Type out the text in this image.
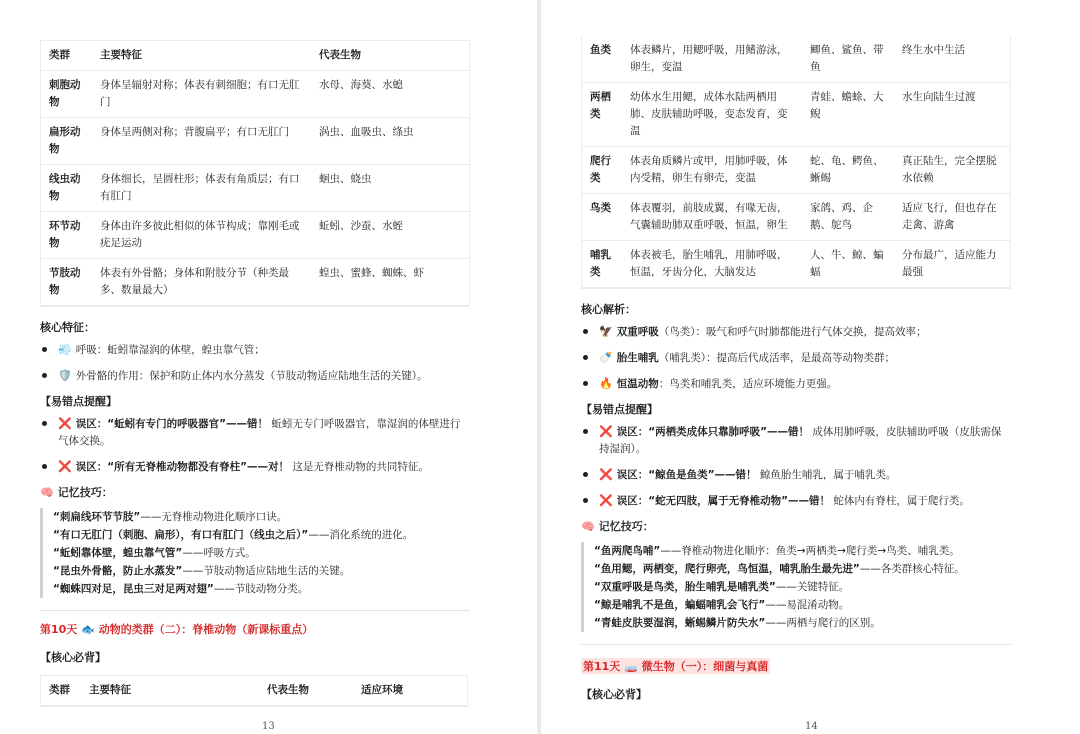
类群	主要特征	代表生物
刺胞动物	身体呈辐射对称；体表有刺细胞；有口无肛门	水母、海葵、水螅
扁形动物	身体呈两侧对称；背腹扁平；有口无肛门	涡虫、血吸虫、绦虫
线虫动物	身体细长，呈圆柱形；体表有角质层；有口有肛门	蛔虫、蛲虫
环节动物	身体由许多彼此相似的体节构成；靠刚毛或疣足运动	蚯蚓、沙蚕、水蛭
节肢动物	体表有外骨骼；身体和附肢分节（种类最多、数量最大）	蝗虫、蜜蜂、蜘蛛、虾
核心特征：
💨 呼吸：蚯蚓靠湿润的体壁，蝗虫靠气管；
🛡️ 外骨骼的作用：保护和防止体内水分蒸发（节肢动物适应陆地生活的关键）。
【易错点提醒】
❌ 误区：“蚯蚓有专门的呼吸器官”——错！ 蚯蚓无专门呼吸器官，靠湿润的体壁进行气体交换。
❌ 误区：“所有无脊椎动物都没有脊柱”——对！ 这是无脊椎动物的共同特征。
🧠 记忆技巧：
“刺扁线环节节肢”——无脊椎动物进化顺序口诀。
“有口无肛门（刺胞、扁形），有口有肛门（线虫之后）”——消化系统的进化。
“蚯蚓靠体壁，蝗虫靠气管”——呼吸方式。
“昆虫外骨骼，防止水蒸发”——节肢动物适应陆地生活的关键。
“蜘蛛四对足，昆虫三对足两对翅”——节肢动物分类。
第10天 🐟 动物的类群（二）：脊椎动物（新课标重点）
【核心必背】
类群	主要特征	代表生物	适应环境
13
鱼类	体表鳞片，用鳃呼吸，用鳍游泳，卵生，变温	鲫鱼、鲨鱼、带鱼	终生水中生活
两栖类	幼体水生用鳃，成体水陆两栖用肺、皮肤辅助呼吸，变态发育，变温	青蛙、蟾蜍、大鲵	水生向陆生过渡
爬行类	体表角质鳞片或甲，用肺呼吸，体内受精，卵生有卵壳，变温	蛇、龟、鳄鱼、蜥蜴	真正陆生，完全摆脱水依赖
鸟类	体表覆羽，前肢成翼，有喙无齿，气囊辅助肺双重呼吸，恒温，卵生	家鸽、鸡、企鹅、鸵鸟	适应飞行，但也存在走禽、游禽
哺乳类	体表被毛，胎生哺乳，用肺呼吸，恒温，牙齿分化，大脑发达	人、牛、鲸、蝙蝠	分布最广，适应能力最强
核心解析：
🦅 双重呼吸（鸟类）：吸气和呼气时肺都能进行气体交换，提高效率；
🍼 胎生哺乳（哺乳类）：提高后代成活率，是最高等动物类群；
🔥 恒温动物：鸟类和哺乳类，适应环境能力更强。
【易错点提醒】
❌ 误区：“两栖类成体只靠肺呼吸”——错！ 成体用肺呼吸，皮肤辅助呼吸（皮肤需保持湿润）。
❌ 误区：“鲸鱼是鱼类”——错！ 鲸鱼胎生哺乳，属于哺乳类。
❌ 误区：“蛇无四肢，属于无脊椎动物”——错！ 蛇体内有脊柱，属于爬行类。
🧠 记忆技巧：
“鱼两爬鸟哺”——脊椎动物进化顺序：鱼类→两栖类→爬行类→鸟类、哺乳类。
“鱼用鳃，两栖变，爬行卵壳，鸟恒温，哺乳胎生最先进”——各类群核心特征。
“双重呼吸是鸟类，胎生哺乳是哺乳类”——关键特征。
“鲸是哺乳不是鱼，蝙蝠哺乳会飞行”——易混淆动物。
“青蛙皮肤要湿润，蜥蜴鳞片防失水”——两栖与爬行的区别。
第11天 🧫 微生物（一）：细菌与真菌
【核心必背】
14
